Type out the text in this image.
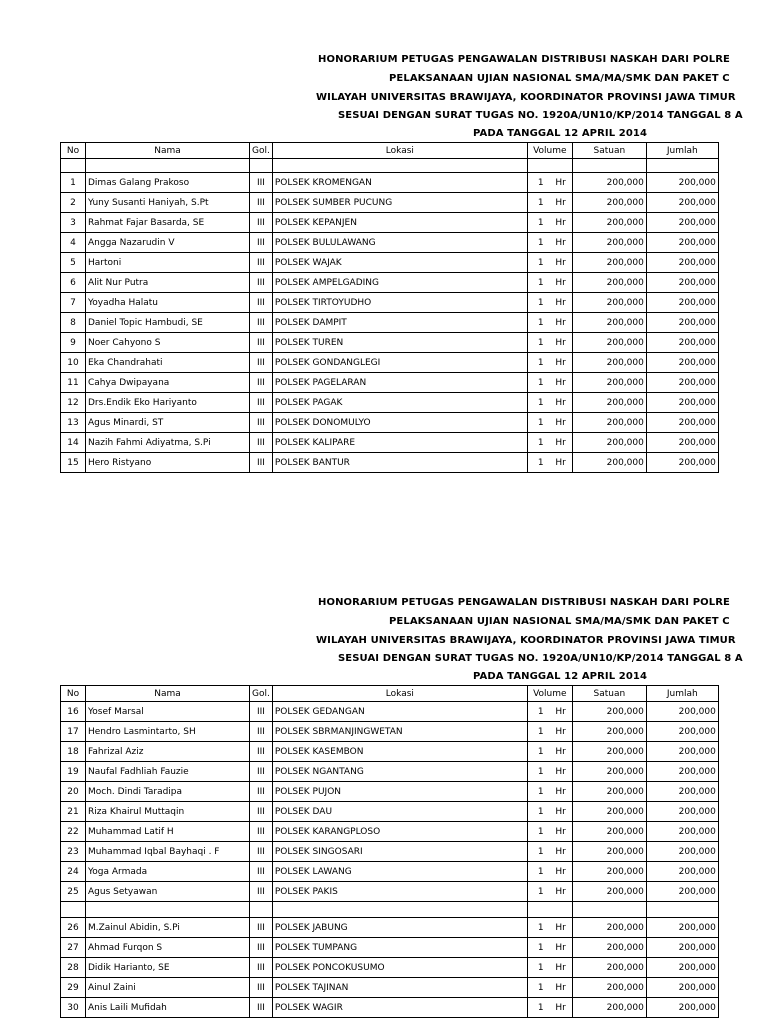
HONORARIUM PETUGAS PENGAWALAN DISTRIBUSI NASKAH DARI POLRE
PELAKSANAAN UJIAN NASIONAL SMA/MA/SMK DAN PAKET C
WILAYAH UNIVERSITAS BRAWIJAYA, KOORDINATOR PROVINSI JAWA TIMUR
SESUAI DENGAN SURAT TUGAS NO. 1920A/UN10/KP/2014 TANGGAL 8 A
PADA TANGGAL 12 APRIL 2014
No	Nama	Gol.	Lokasi	Volume	Satuan	Jumlah

1	Dimas Galang Prakoso	III	POLSEK KROMENGAN	1 Hr	200,000	200,000
2	Yuny Susanti Haniyah, S.Pt	III	POLSEK SUMBER PUCUNG	1 Hr	200,000	200,000
3	Rahmat Fajar Basarda, SE	III	POLSEK KEPANJEN	1 Hr	200,000	200,000
4	Angga Nazarudin V	III	POLSEK BULULAWANG	1 Hr	200,000	200,000
5	Hartoni	III	POLSEK WAJAK	1 Hr	200,000	200,000
6	Alit Nur Putra	III	POLSEK AMPELGADING	1 Hr	200,000	200,000
7	Yoyadha Halatu	III	POLSEK TIRTOYUDHO	1 Hr	200,000	200,000
8	Daniel Topic Hambudi, SE	III	POLSEK DAMPIT	1 Hr	200,000	200,000
9	Noer Cahyono S	III	POLSEK TUREN	1 Hr	200,000	200,000
10	Eka Chandrahati	III	POLSEK GONDANGLEGI	1 Hr	200,000	200,000
11	Cahya Dwipayana	III	POLSEK PAGELARAN	1 Hr	200,000	200,000
12	Drs.Endik Eko Hariyanto	III	POLSEK PAGAK	1 Hr	200,000	200,000
13	Agus Minardi, ST	III	POLSEK DONOMULYO	1 Hr	200,000	200,000
14	Nazih Fahmi Adiyatma, S.Pi	III	POLSEK KALIPARE	1 Hr	200,000	200,000
15	Hero Ristyano	III	POLSEK BANTUR	1 Hr	200,000	200,000
HONORARIUM PETUGAS PENGAWALAN DISTRIBUSI NASKAH DARI POLRE
PELAKSANAAN UJIAN NASIONAL SMA/MA/SMK DAN PAKET C
WILAYAH UNIVERSITAS BRAWIJAYA, KOORDINATOR PROVINSI JAWA TIMUR
SESUAI DENGAN SURAT TUGAS NO. 1920A/UN10/KP/2014 TANGGAL 8 A
PADA TANGGAL 12 APRIL 2014
No	Nama	Gol.	Lokasi	Volume	Satuan	Jumlah
16	Yosef Marsal	III	POLSEK GEDANGAN	1 Hr	200,000	200,000
17	Hendro Lasmintarto, SH	III	POLSEK SBRMANJINGWETAN	1 Hr	200,000	200,000
18	Fahrizal Aziz	III	POLSEK KASEMBON	1 Hr	200,000	200,000
19	Naufal Fadhliah Fauzie	III	POLSEK NGANTANG	1 Hr	200,000	200,000
20	Moch. Dindi Taradipa	III	POLSEK PUJON	1 Hr	200,000	200,000
21	Riza Khairul Muttaqin	III	POLSEK DAU	1 Hr	200,000	200,000
22	Muhammad Latif H	III	POLSEK KARANGPLOSO	1 Hr	200,000	200,000
23	Muhammad Iqbal Bayhaqi . F	III	POLSEK SINGOSARI	1 Hr	200,000	200,000
24	Yoga Armada	III	POLSEK LAWANG	1 Hr	200,000	200,000
25	Agus Setyawan	III	POLSEK PAKIS	1 Hr	200,000	200,000

26	M.Zainul Abidin, S.Pi	III	POLSEK JABUNG	1 Hr	200,000	200,000
27	Ahmad Furqon S	III	POLSEK TUMPANG	1 Hr	200,000	200,000
28	Didik Harianto, SE	III	POLSEK PONCOKUSUMO	1 Hr	200,000	200,000
29	Ainul Zaini	III	POLSEK TAJINAN	1 Hr	200,000	200,000
30	Anis Laili Mufidah	III	POLSEK WAGIR	1 Hr	200,000	200,000
